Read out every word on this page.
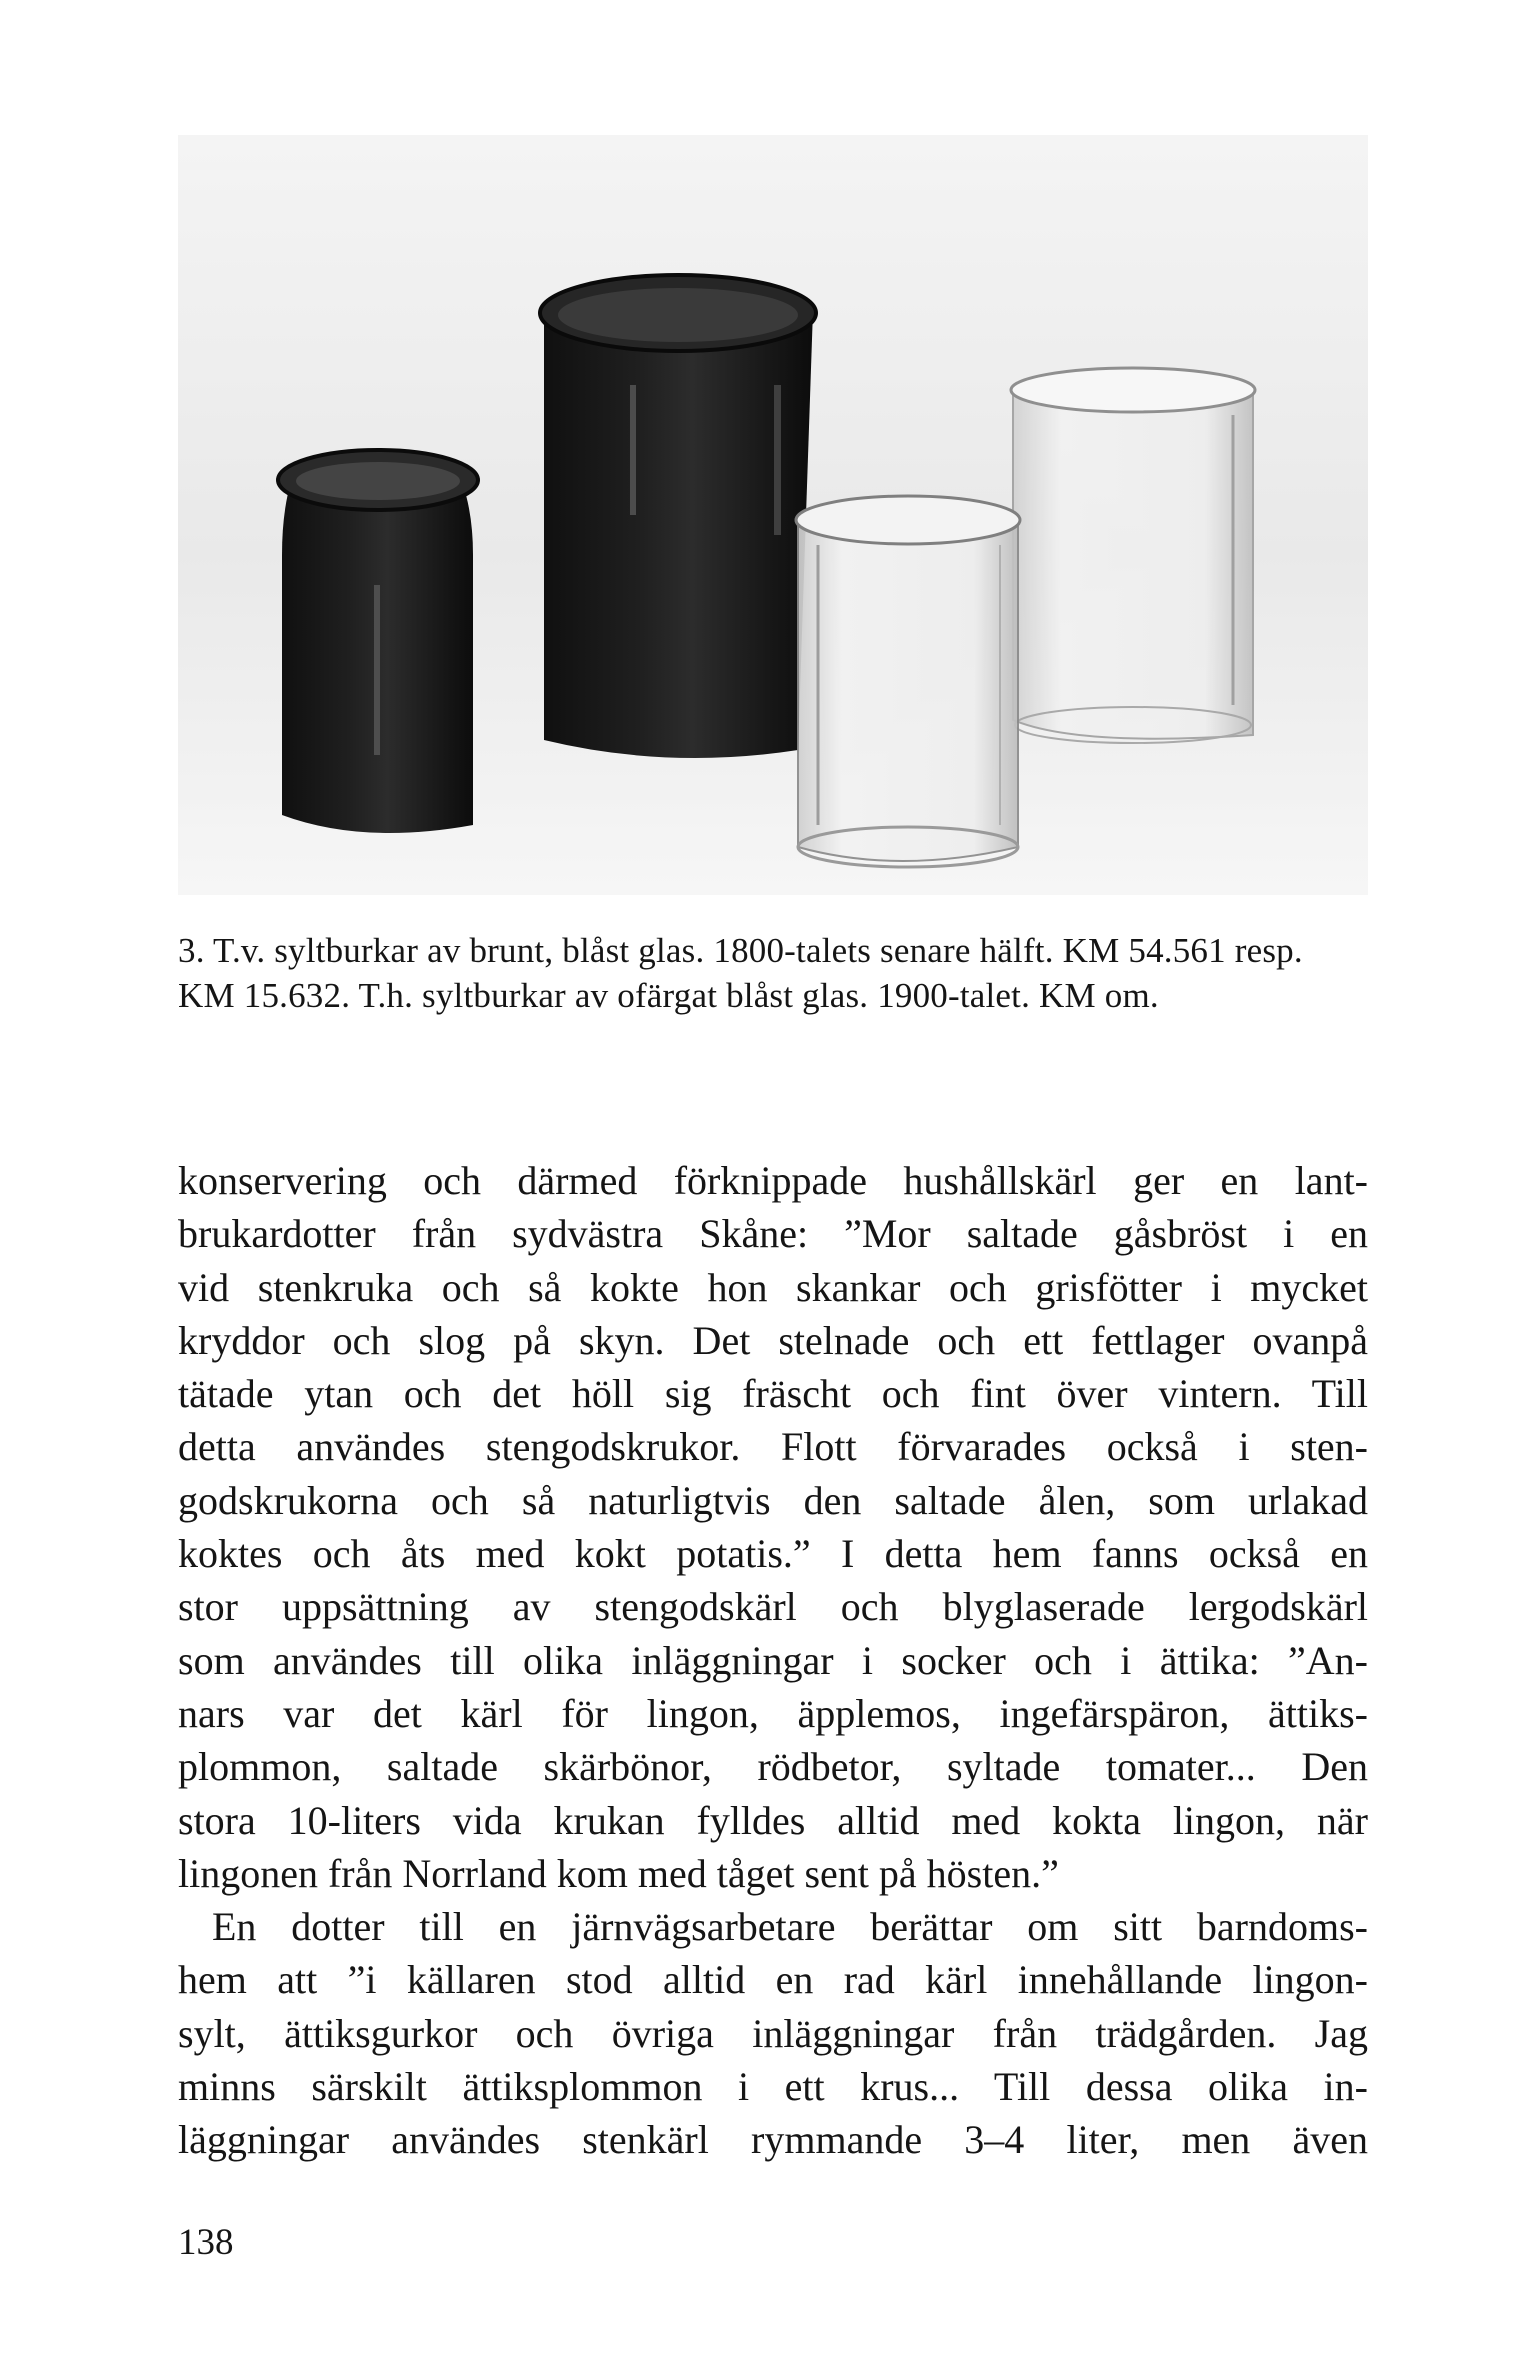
3. T.v. syltburkar av brunt, blåst glas. 1800-talets senare hälft. KM 54.561 resp.

KM 15.632. T.h. syltburkar av ofärgat blåst glas. 1900-talet. KM om.

konservering och därmed förknippade hushållskärl ger en lant-
brukardotter från sydvästra Skåne: ”Mor saltade gåsbröst i en
vid stenkruka och så kokte hon skankar och grisfötter i mycket
kryddor och slog på skyn. Det stelnade och ett fettlager ovanpå
tätade ytan och det höll sig fräscht och fint över vintern. Till
detta användes stengodskrukor. Flott förvarades också i sten-
godskrukorna och så naturligtvis den saltade ålen, som urlakad
koktes och åts med kokt potatis.” I detta hem fanns också en
stor uppsättning av stengodskärl och blyglaserade lergodskärl
som användes till olika inläggningar i socker och i ättika: ”An-
nars var det kärl för lingon, äpplemos, ingefärspäron, ättiks-
plommon, saltade skärbönor, rödbetor, syltade tomater... Den
stora 10-liters vida krukan fylldes alltid med kokta lingon, när
lingonen från Norrland kom med tåget sent på hösten.”
En dotter till en järnvägsarbetare berättar om sitt barndoms-
hem att ”i källaren stod alltid en rad kärl innehållande lingon-
sylt, ättiksgurkor och övriga inläggningar från trädgården. Jag
minns särskilt ättiksplommon i ett krus... Till dessa olika in-
läggningar användes stenkärl rymmande 3–4 liter, men även
138
